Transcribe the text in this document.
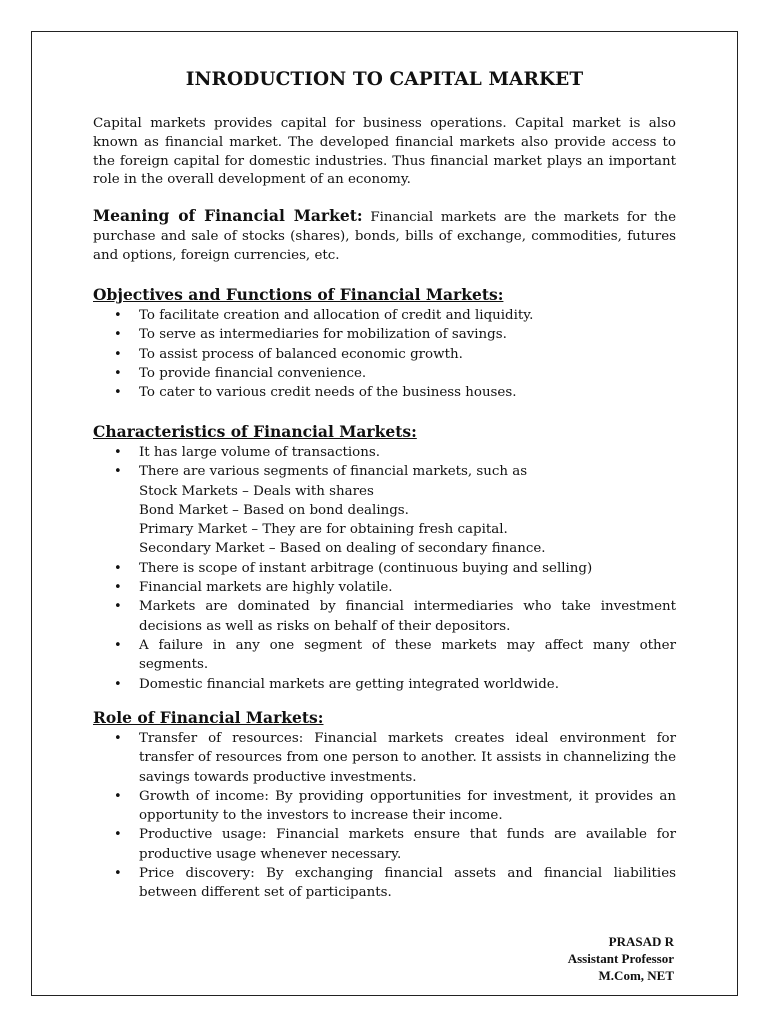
INRODUCTION TO CAPITAL MARKET

Capital markets provides capital for business operations. Capital market is also known as financial market. The developed financial markets also provide access to the foreign capital for domestic industries. Thus financial market plays an important role in the overall development of an economy.

Meaning of Financial Market: Financial markets are the markets for the purchase and sale of stocks (shares), bonds, bills of exchange, commodities, futures and options, foreign currencies, etc.

Objectives and Functions of Financial Markets:
• To facilitate creation and allocation of credit and liquidity.
• To serve as intermediaries for mobilization of savings.
• To assist process of balanced economic growth.
• To provide financial convenience.
• To cater to various credit needs of the business houses.
Characteristics of Financial Markets:
• It has large volume of transactions.
• There are various segments of financial markets, such as
Stock Markets – Deals with shares
Bond Market – Based on bond dealings.
Primary Market – They are for obtaining fresh capital.
Secondary Market – Based on dealing of secondary finance.
• There is scope of instant arbitrage (continuous buying and selling)
• Financial markets are highly volatile.
• Markets are dominated by financial intermediaries who take investment decisions as well as risks on behalf of their depositors.
• A failure in any one segment of these markets may affect many other segments.
• Domestic financial markets are getting integrated worldwide.
Role of Financial Markets:
• Transfer of resources: Financial markets creates ideal environment for transfer of resources from one person to another. It assists in channelizing the savings towards productive investments.
• Growth of income: By providing opportunities for investment, it provides an opportunity to the investors to increase their income.
• Productive usage: Financial markets ensure that funds are available for productive usage whenever necessary.
• Price discovery: By exchanging financial assets and financial liabilities between different set of participants.
PRASAD R
Assistant Professor
M.Com, NET
